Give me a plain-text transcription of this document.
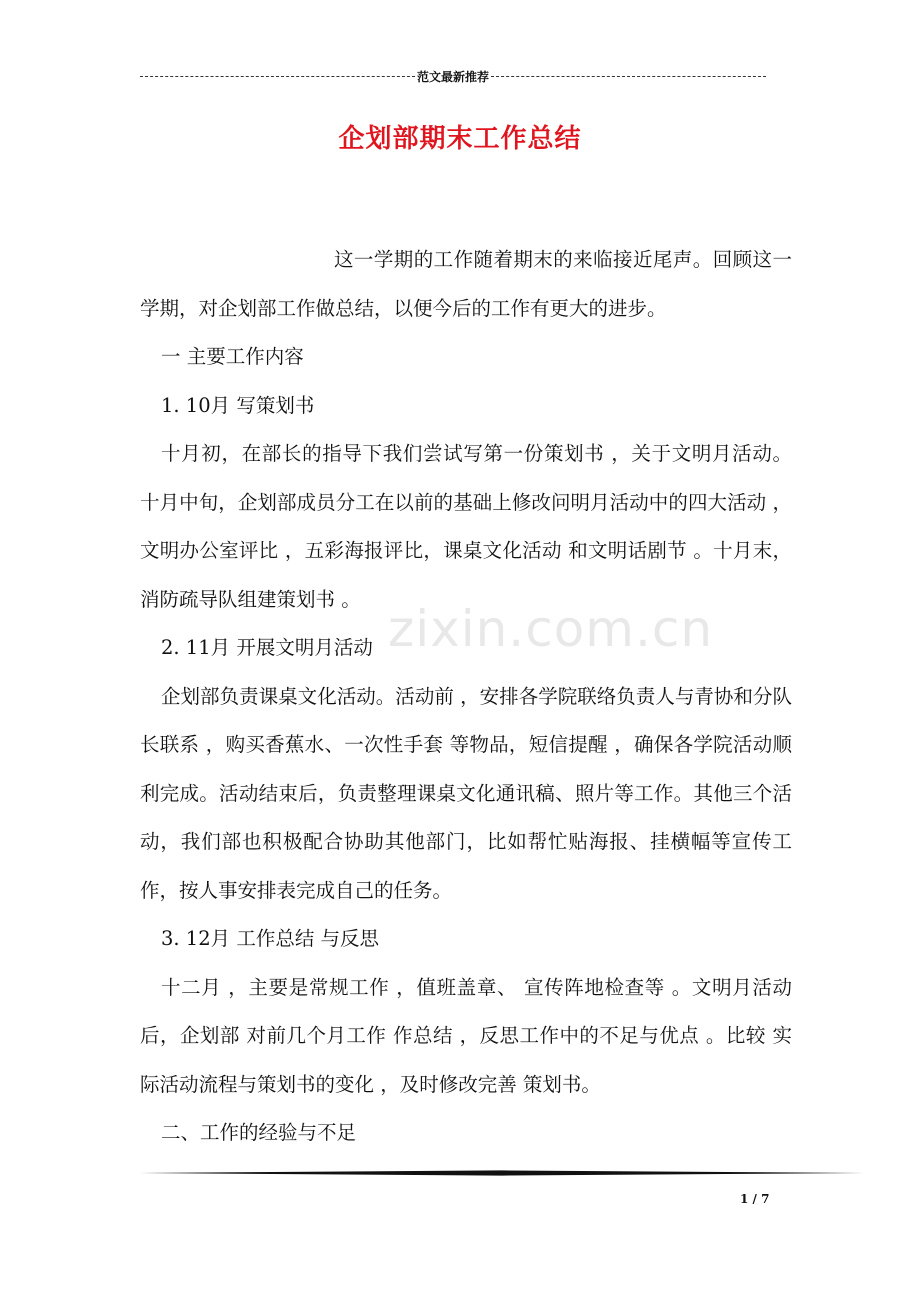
范文最新推荐
企划部期末工作总结

这一学期的工作随着期末的来临接近尾声。回顾这一学期，对企划部工作做总结，以便今后的工作有更大的进步。

一 主要工作内容

1. 10月 写策划书

十月初，在部长的指导下我们尝试写第一份策划书 ，关于文明月活动。 十月中旬，企划部成员分工在以前的基础上修改问明月活动中的四大活动 ，文明办公室评比 ，五彩海报评比，课桌文化活动 和文明话剧节 。十月末，消防疏导队组建策划书 。

2. 11月 开展文明月活动

企划部负责课桌文化活动。活动前 ，安排各学院联络负责人与青协和分队长联系 ，购买香蕉水、一次性手套 等物品，短信提醒 ，确保各学院活动顺利完成。活动结束后，负责整理课桌文化通讯稿、照片等工作。其他三个活动，我们部也积极配合协助其他部门，比如帮忙贴海报、挂横幅等宣传工作，按人事安排表完成自己的任务。

3. 12月 工作总结 与反思

十二月 ，主要是常规工作 ，值班盖章、 宣传阵地检查等 。文明月活动后，企划部 对前几个月工作 作总结 ，反思工作中的不足与优点 。比较 实际活动流程与策划书的变化 ，及时修改完善 策划书。

二、工作的经验与不足

zixin.com.cn
1 / 7
